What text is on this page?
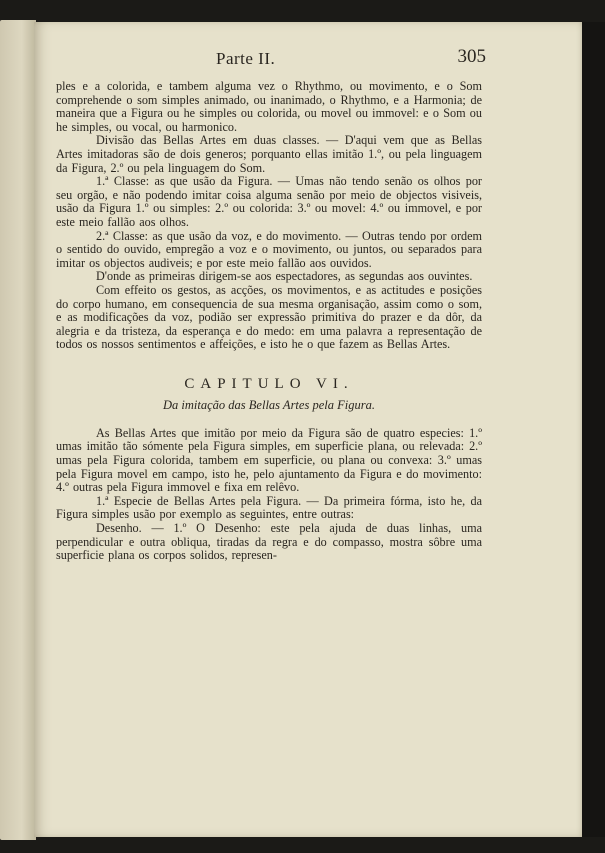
Parte II.	305

ples e a colorida, e tambem alguma vez o Rhythmo, ou movimento, e o Som comprehende o som simples animado, ou inanimado, o Rhythmo, e a Harmonia; de maneira que a Figura ou he simples ou colorida, ou movel ou immovel: e o Som ou he simples, ou vocal, ou harmonico.

Divisão das Bellas Artes em duas classes. — D'aqui vem que as Bellas Artes imitadoras são de dois generos; porquanto ellas imitão 1.º, ou pela linguagem da Figura, 2.º ou pela linguagem do Som.

1.ª Classe: as que usão da Figura. — Umas não tendo senão os olhos por seu orgão, e não podendo imitar coisa alguma senão por meio de objectos visiveis, usão da Figura 1.º ou simples: 2.º ou colorida: 3.º ou movel: 4.º ou immovel, e por este meio fallão aos olhos.

2.ª Classe: as que usão da voz, e do movimento. — Outras tendo por ordem o sentido do ouvido, empregão a voz e o movimento, ou juntos, ou separados para imitar os objectos audiveis; e por este meio fallão aos ouvidos.

D'onde as primeiras dirigem-se aos espectadores, as segundas aos ouvintes.

Com effeito os gestos, as acções, os movimentos, e as actitudes e posições do corpo humano, em consequencia de sua mesma organisação, assim como o som, e as modificações da voz, podião ser expressão primitiva do prazer e da dôr, da alegria e da tristeza, da esperança e do medo: em uma palavra a representação de todos os nossos sentimentos e affeições, e isto he o que fazem as Bellas Artes.

CAPITULO VI.
Da imitação das Bellas Artes pela Figura.

As Bellas Artes que imitão por meio da Figura são de quatro especies: 1.º umas imitão tão sómente pela Figura simples, em superficie plana, ou relevada: 2.º umas pela Figura colorida, tambem em superficie, ou plana ou convexa: 3.º umas pela Figura movel em campo, isto he, pelo ajuntamento da Figura e do movimento: 4.º outras pela Figura immovel e fixa em relêvo.

1.ª Especie de Bellas Artes pela Figura. — Da primeira fórma, isto he, da Figura simples usão por exemplo as seguintes, entre outras:

Desenho. — 1.º O Desenho: este pela ajuda de duas linhas, uma perpendicular e outra obliqua, tiradas da regra e do compasso, mostra sôbre uma superficie plana os corpos solidos, represen-
